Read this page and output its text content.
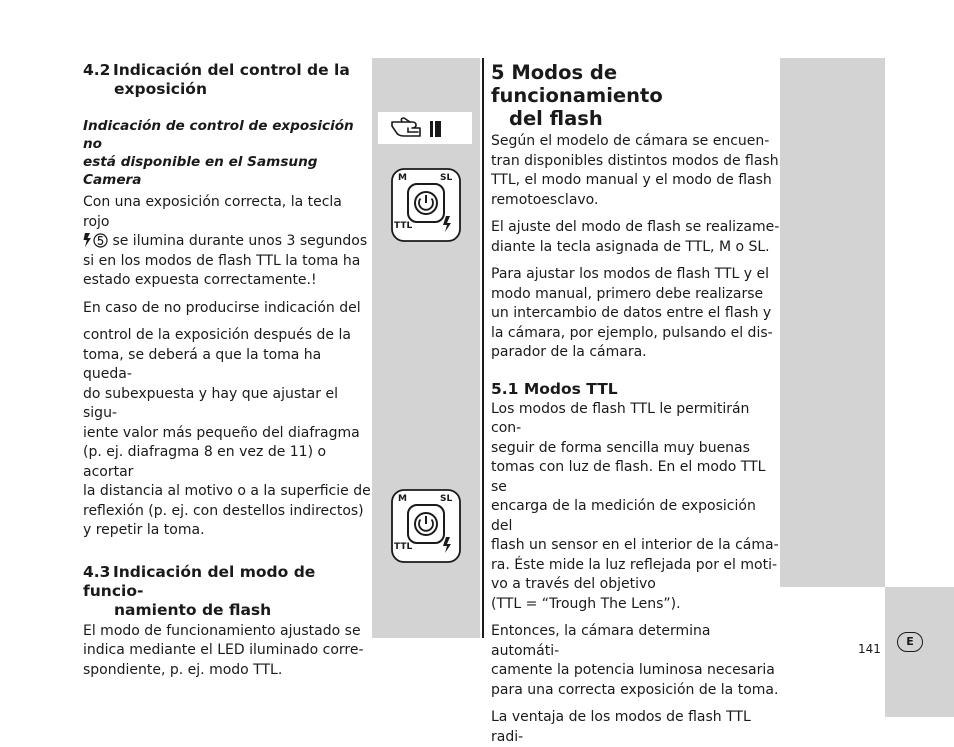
M	SL
TTL
M	SL
TTL
4.2 Indicación del control de la
exposición
Indicación de control de exposición no
está disponible en el Samsung Camera

Con una exposición correcta, la tecla rojo
se ilumina durante unos 3 segundos
si en los modos de flash TTL la toma ha
estado expuesta correctamente.!

En caso de no producirse indicación del

control de la exposición después de la
toma, se deberá a que la toma ha queda-
do subexpuesta y hay que ajustar el sigu-
iente valor más pequeño del diafragma
(p. ej. diafragma 8 en vez de 11) o acortar
la distancia al motivo o a la superficie de
reflexión (p. ej. con destellos indirectos)
y repetir la toma.

4.3 Indicación del modo de funcio-
namiento de flash

El modo de funcionamiento ajustado se
indica mediante el LED iluminado corre-
spondiente, p. ej. modo TTL.

5 Modos de funcionamiento
del flash

Según el modelo de cámara se encuen-
tran disponibles distintos modos de flash
TTL, el modo manual y el modo de flash
remotoesclavo.

El ajuste del modo de flash se realizame-
diante la tecla asignada de TTL, M o SL.

Para ajustar los modos de flash TTL y el
modo manual, primero debe realizarse
un intercambio de datos entre el flash y
la cámara, por ejemplo, pulsando el dis-
parador de la cámara.

5.1 Modos TTL

Los modos de flash TTL le permitirán con-
seguir de forma sencilla muy buenas
tomas con luz de flash. En el modo TTL se
encarga de la medición de exposición del
flash un sensor en el interior de la cáma-
ra. Éste mide la luz reflejada por el moti-
vo a través del objetivo
(TTL = “Trough The Lens”).

Entonces, la cámara determina automáti-
camente la potencia luminosa necesaria
para una correcta exposición de la toma.

La ventaja de los modos de flash TTL radi-

141
E
